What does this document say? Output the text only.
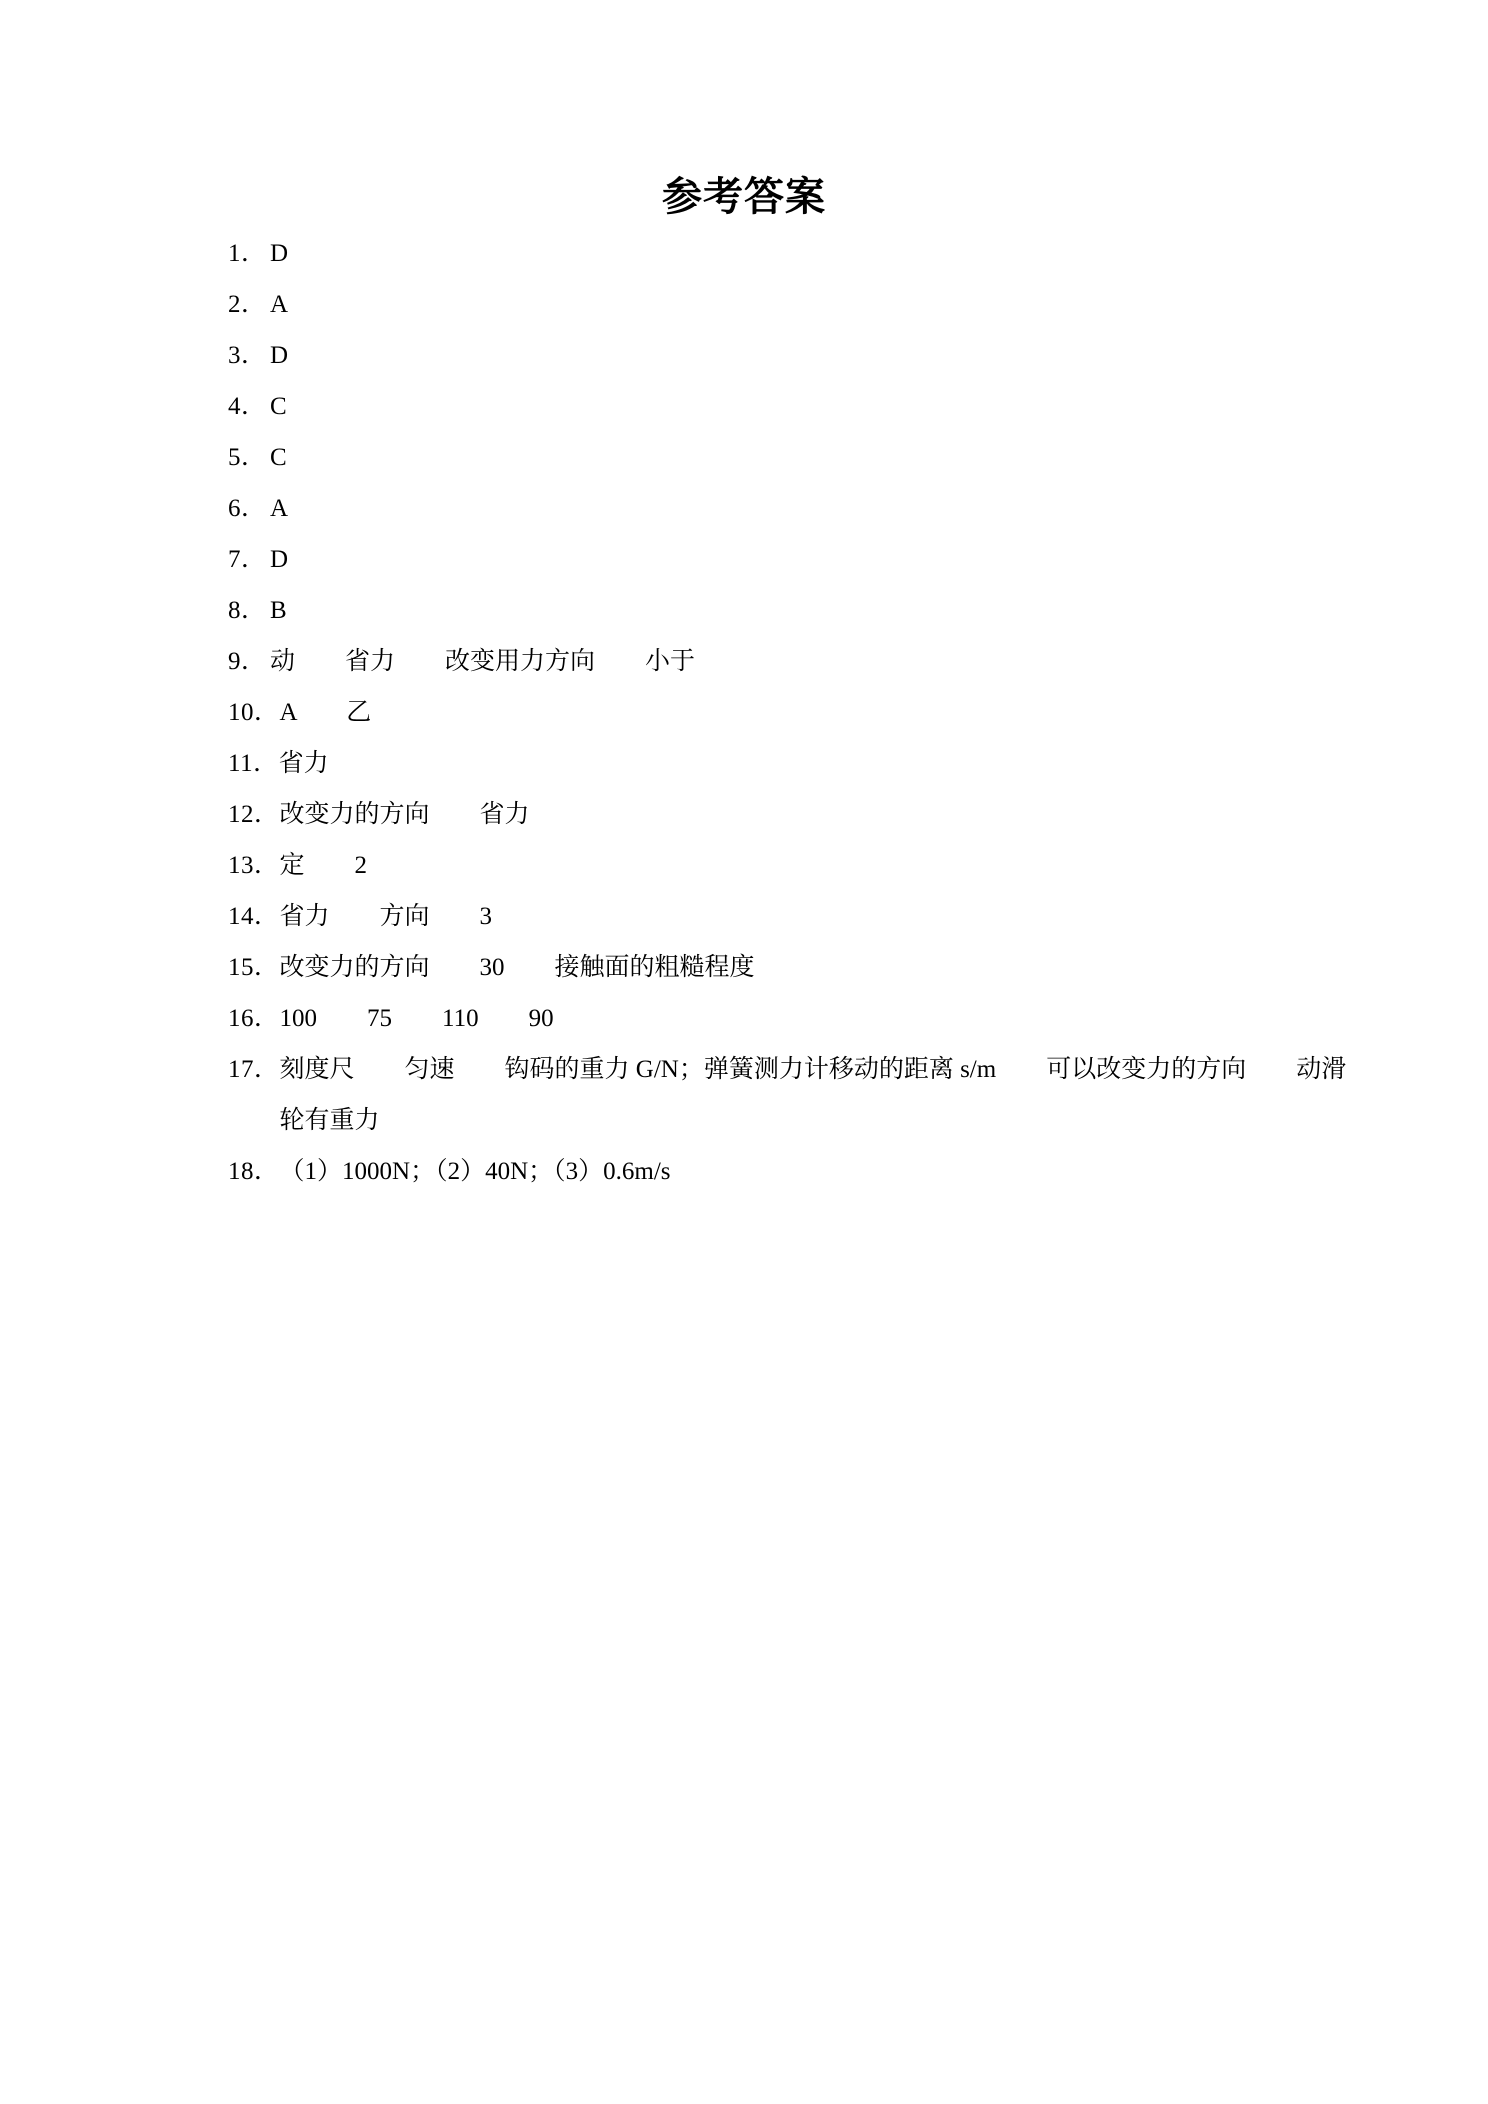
参考答案
1． D
2． A
3． D
4． C
5． C
6． A
7． D
8． B
9． 动　　省力　　改变用力方向　　小于
10． A　　乙
11． 省力
12． 改变力的方向　　省力
13． 定　　2
14． 省力　　方向　　3
15． 改变力的方向　　30　　接触面的粗糙程度
16． 100　　75　　110　　90
17． 刻度尺　　匀速　　钩码的重力 G/N；弹簧测力计移动的距离 s/m　　可以改变力的方向　　动滑轮有重力
18． （1）1000N；（2）40N；（3）0.6m/s
